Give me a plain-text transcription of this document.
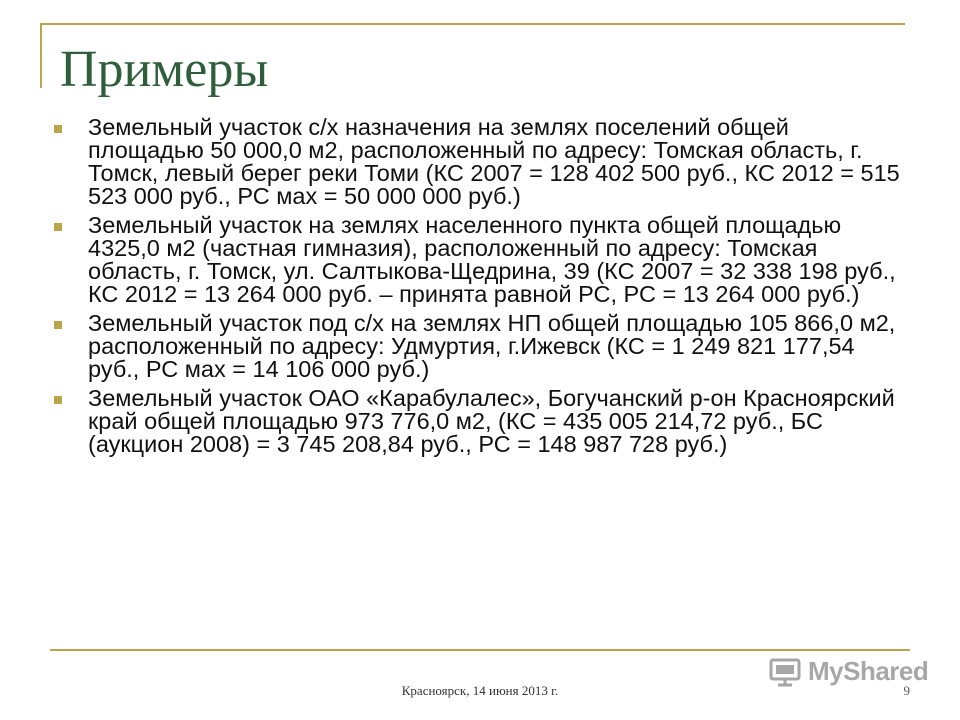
Примеры
Земельный участок с/х назначения на землях поселений общей площадью 50 000,0 м2, расположенный по адресу: Томская область, г. Томск, левый берег реки Томи (КС 2007 = 128 402 500 руб., КС 2012 = 515 523 000 руб., РС мах = 50 000 000 руб.)
Земельный участок на землях населенного пункта общей площадью 4325,0 м2 (частная гимназия), расположенный по адресу: Томская область, г. Томск, ул. Салтыкова-Щедрина, 39 (КС 2007 = 32 338 198 руб., КС 2012 = 13 264 000 руб. – принята равной РС, РС = 13 264 000 руб.)
Земельный участок под с/х на землях НП общей площадью 105 866,0 м2, расположенный по адресу: Удмуртия, г.Ижевск (КС = 1 249 821 177,54 руб., РС мах = 14 106 000 руб.)
Земельный участок ОАО «Карабулалес», Богучанский р-он Красноярский край общей площадью 973 776,0 м2, (КС = 435 005 214,72 руб., БС (аукцион 2008) = 3 745 208,84 руб., РС = 148 987 728 руб.)
Красноярск, 14 июня 2013 г.	9
MyShared
